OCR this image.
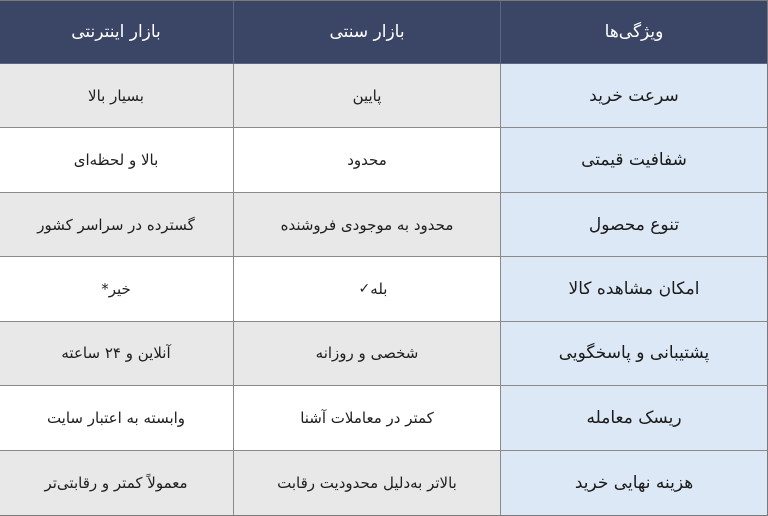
ویژگی‌ها
بازار سنتی
بازار اینترنتی
سرعت خرید
پایین
بسیار بالا
شفافیت قیمتی
محدود
بالا و لحظه‌ای
تنوع محصول
محدود به موجودی فروشنده
گسترده در سراسر کشور
امکان مشاهده کالا
بله
✓
خیر*
پشتیبانی و پاسخگویی
شخصی و روزانه
آنلاین و ۲۴ ساعته
ریسک معامله
کمتر در معاملات آشنا
وابسته به اعتبار سایت
هزینه نهایی خرید
بالاتر به‌دلیل محدودیت رقابت
معمولاً کمتر و رقابتی‌تر
